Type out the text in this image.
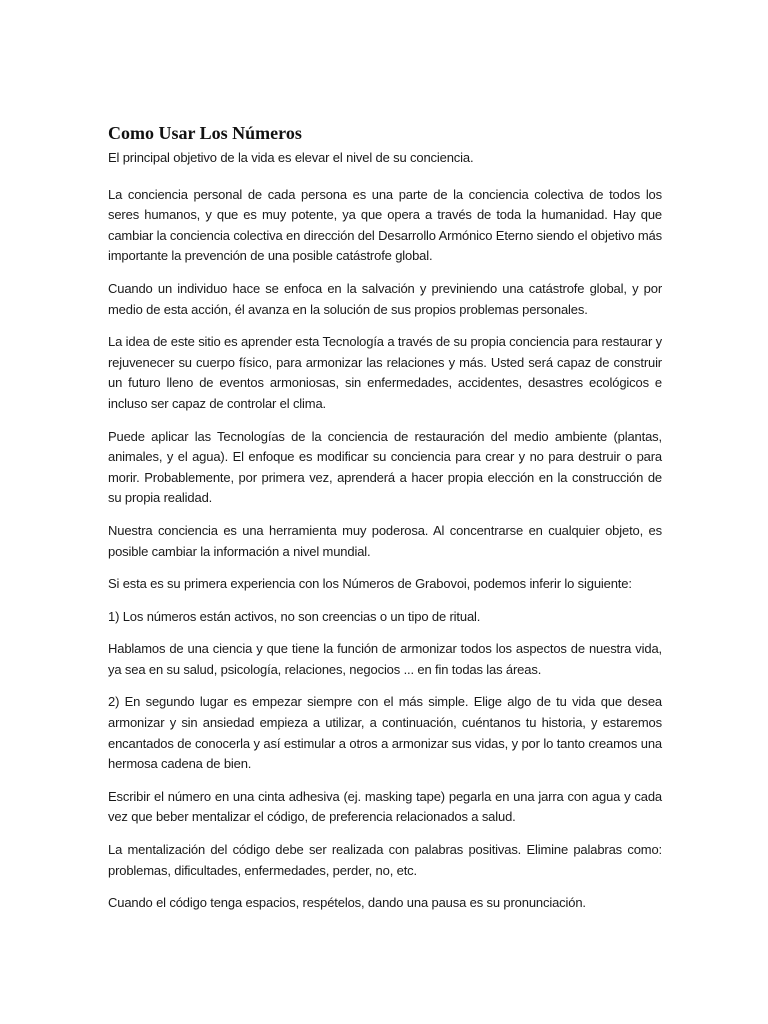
Como Usar Los Números

El principal objetivo de la vida es elevar el nivel de su conciencia.

La conciencia personal de cada persona es una parte de la conciencia colectiva de todos los seres humanos, y que es muy potente, ya que opera a través de toda la humanidad. Hay que cambiar la conciencia colectiva en dirección del Desarrollo Armónico Eterno siendo el objetivo más importante la prevención de una posible catástrofe global.

Cuando un individuo hace se enfoca en la salvación y previniendo una catástrofe global, y por medio de esta acción, él avanza en la solución de sus propios problemas personales.

La idea de este sitio es aprender esta Tecnología a través de su propia conciencia para restaurar y rejuvenecer su cuerpo físico, para armonizar las relaciones y más. Usted será capaz de construir un futuro lleno de eventos armoniosas, sin enfermedades, accidentes, desastres ecológicos e incluso ser capaz de controlar el clima.

Puede aplicar las Tecnologías de la conciencia de restauración del medio ambiente (plantas, animales, y el agua). El enfoque es modificar su conciencia para crear y no para destruir o para morir. Probablemente, por primera vez, aprenderá a hacer propia elección en la construcción de su propia realidad.

Nuestra conciencia es una herramienta muy poderosa. Al concentrarse en cualquier objeto, es posible cambiar la información a nivel mundial.

Si esta es su primera experiencia con los Números de Grabovoi, podemos inferir lo siguiente:

1) Los números están activos, no son creencias o un tipo de ritual.

Hablamos de una ciencia y que tiene la función de armonizar todos los aspectos de nuestra vida, ya sea en su salud, psicología, relaciones, negocios ... en fin todas las áreas.

2) En segundo lugar es empezar siempre con el más simple. Elige algo de tu vida que desea armonizar y sin ansiedad empieza a utilizar, a continuación, cuéntanos tu historia, y estaremos encantados de conocerla y así estimular a otros a armonizar sus vidas, y por lo tanto creamos una hermosa cadena de bien.

Escribir el número en una cinta adhesiva (ej. masking tape) pegarla en una jarra con agua y cada vez que beber mentalizar el código, de preferencia relacionados a salud.

La mentalización del código debe ser realizada con palabras positivas. Elimine palabras como: problemas, dificultades, enfermedades, perder, no, etc.

Cuando el código tenga espacios, respételos, dando una pausa es su pronunciación.
